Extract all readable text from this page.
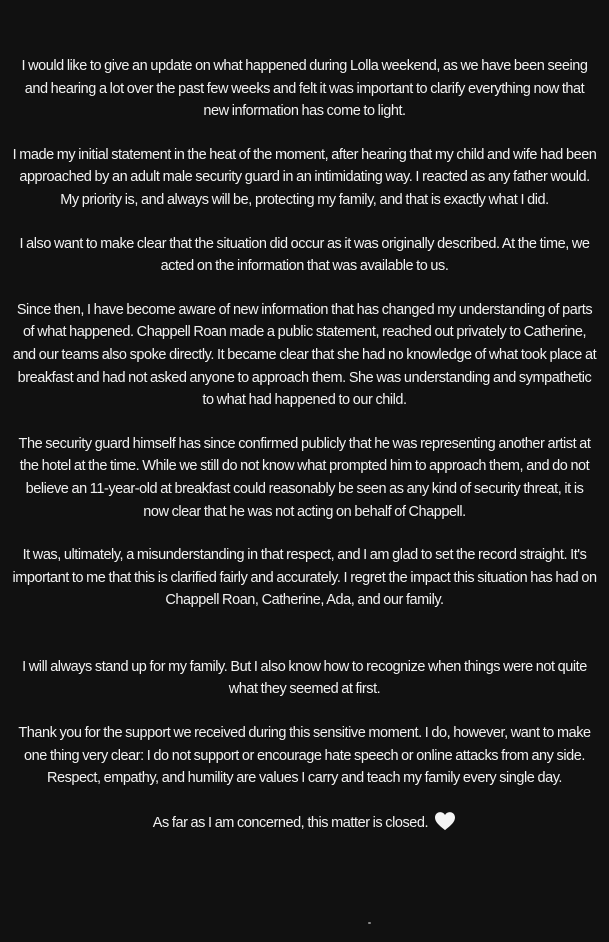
I would like to give an update on what happened during Lolla weekend, as we have been seeing and hearing a lot over the past few weeks and felt it was important to clarify everything now that new information has come to light.

I made my initial statement in the heat of the moment, after hearing that my child and wife had been approached by an adult male security guard in an intimidating way. I reacted as any father would. My priority is, and always will be, protecting my family, and that is exactly what I did.

I also want to make clear that the situation did occur as it was originally described. At the time, we acted on the information that was available to us.

Since then, I have become aware of new information that has changed my understanding of parts of what happened. Chappell Roan made a public statement, reached out privately to Catherine, and our teams also spoke directly. It became clear that she had no knowledge of what took place at breakfast and had not asked anyone to approach them. She was understanding and sympathetic to what had happened to our child.

The security guard himself has since confirmed publicly that he was representing another artist at the hotel at the time. While we still do not know what prompted him to approach them, and do not believe an 11-year-old at breakfast could reasonably be seen as any kind of security threat, it is now clear that he was not acting on behalf of Chappell.

It was, ultimately, a misunderstanding in that respect, and I am glad to set the record straight. It's important to me that this is clarified fairly and accurately. I regret the impact this situation has had on Chappell Roan, Catherine, Ada, and our family.

I will always stand up for my family. But I also know how to recognize when things were not quite what they seemed at first.

Thank you for the support we received during this sensitive moment. I do, however, want to make one thing very clear: I do not support or encourage hate speech or online attacks from any side. Respect, empathy, and humility are values I carry and teach my family every single day.

As far as I am concerned, this matter is closed.
